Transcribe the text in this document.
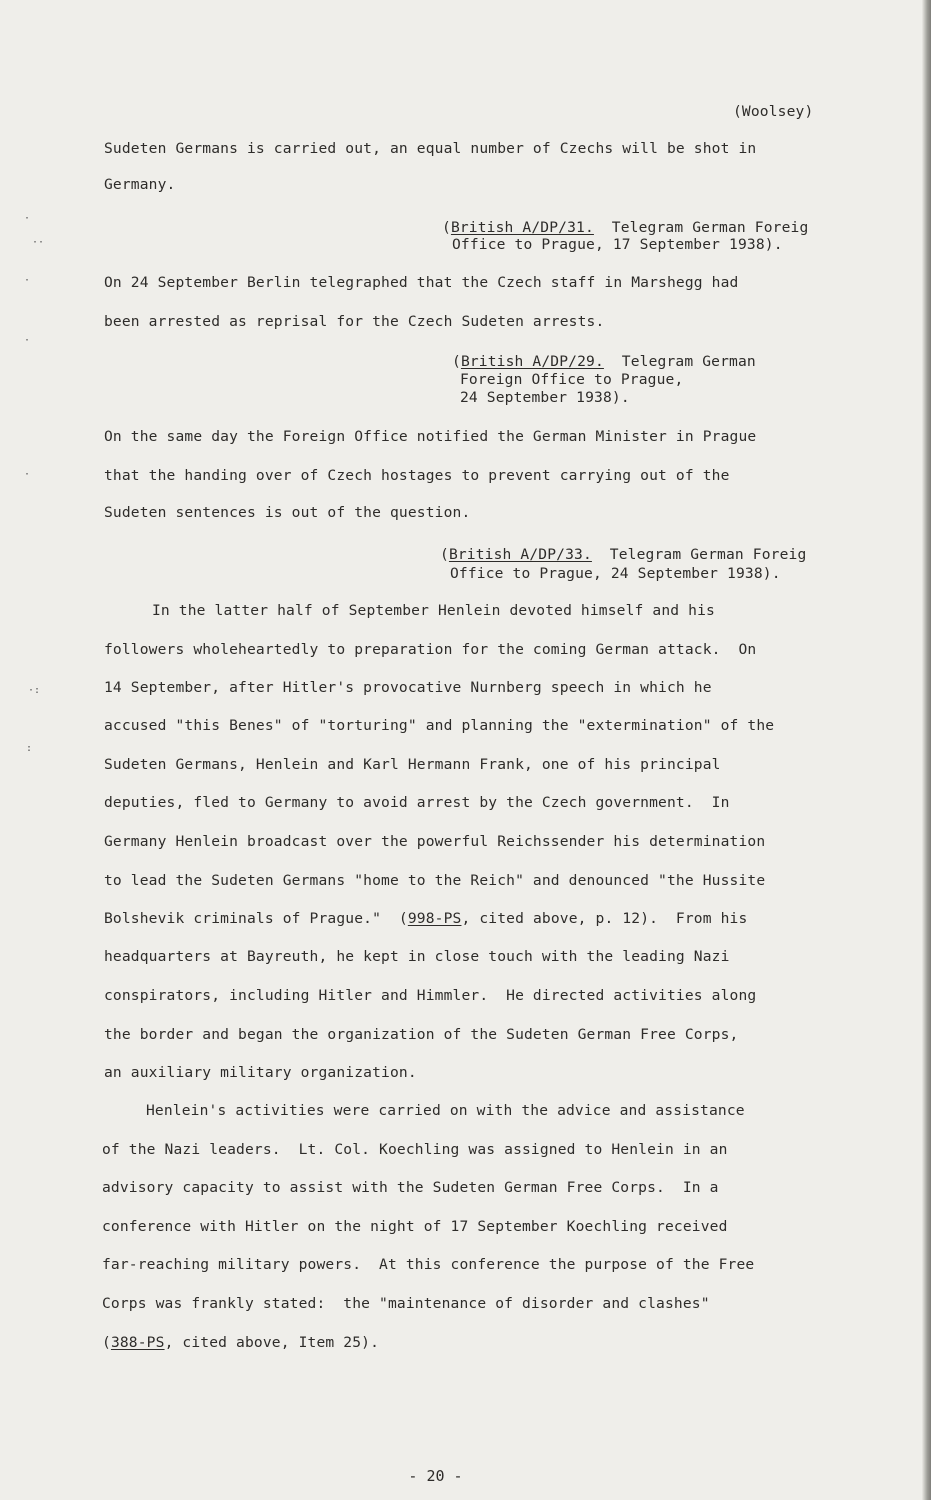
·
··
·
·
·
·:
:
(Woolsey)
Sudeten Germans is carried out, an equal number of Czechs will be shot in
Germany.
(British A/DP/31.  Telegram German Foreig
Office to Prague, 17 September 1938).
On 24 September Berlin telegraphed that the Czech staff in Marshegg had
been arrested as reprisal for the Czech Sudeten arrests.
(British A/DP/29.  Telegram German
Foreign Office to Prague,
24 September 1938).
On the same day the Foreign Office notified the German Minister in Prague
that the handing over of Czech hostages to prevent carrying out of the
Sudeten sentences is out of the question.
(British A/DP/33.  Telegram German Foreig
Office to Prague, 24 September 1938).
In the latter half of September Henlein devoted himself and his
followers wholeheartedly to preparation for the coming German attack.  On
14 September, after Hitler's provocative Nurnberg speech in which he
accused "this Benes" of "torturing" and planning the "extermination" of the
Sudeten Germans, Henlein and Karl Hermann Frank, one of his principal
deputies, fled to Germany to avoid arrest by the Czech government.  In
Germany Henlein broadcast over the powerful Reichssender his determination
to lead the Sudeten Germans "home to the Reich" and denounced "the Hussite
Bolshevik criminals of Prague."  (998-PS, cited above, p. 12).  From his
headquarters at Bayreuth, he kept in close touch with the leading Nazi
conspirators, including Hitler and Himmler.  He directed activities along
the border and began the organization of the Sudeten German Free Corps,
an auxiliary military organization.
Henlein's activities were carried on with the advice and assistance
of the Nazi leaders.  Lt. Col. Koechling was assigned to Henlein in an
advisory capacity to assist with the Sudeten German Free Corps.  In a
conference with Hitler on the night of 17 September Koechling received
far-reaching military powers.  At this conference the purpose of the Free
Corps was frankly stated:  the "maintenance of disorder and clashes"
(388-PS, cited above, Item 25).
- 20 -
